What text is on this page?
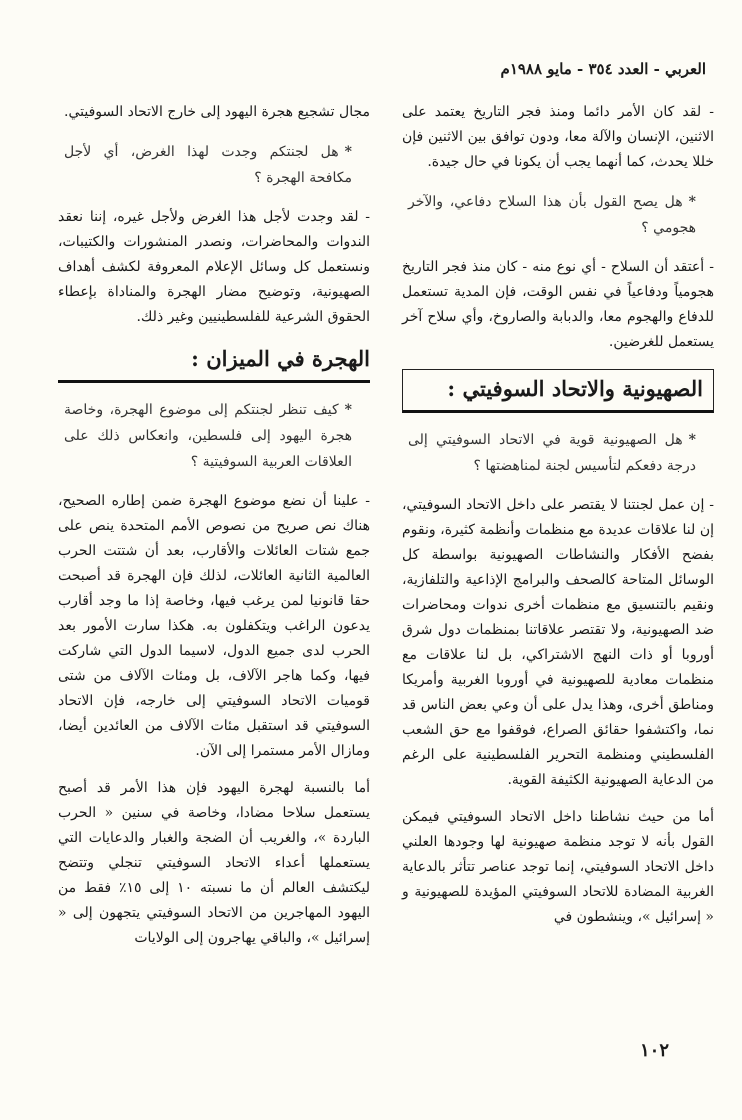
العربي - العدد ٣٥٤ - مايو ١٩٨٨م

- لقد كان الأمر دائما ومنذ فجر التاريخ يعتمد على الاثنين، الإنسان والآلة معا، ودون توافق بين الاثنين فإن خللا يحدث، كما أنهما يجب أن يكونا في حال جيدة.

*هل يصح القول بأن هذا السلاح دفاعي، والآخر هجومي ؟

- أعتقد أن السلاح - أي نوع منه - كان منذ فجر التاريخ هجومياً ودفاعياً في نفس الوقت، فإن المدية تستعمل للدفاع والهجوم معا، والدبابة والصاروخ، وأي سلاح آخر يستعمل للغرضين.

الصهيونية والاتحاد السوفيتي :
*هل الصهيونية قوية في الاتحاد السوفيتي إلى درجة دفعكم لتأسيس لجنة لمناهضتها ؟

- إن عمل لجنتنا لا يقتصر على داخل الاتحاد السوفيتي، إن لنا علاقات عديدة مع منظمات وأنظمة كثيرة، ونقوم بفضح الأفكار والنشاطات الصهيونية بواسطة كل الوسائل المتاحة كالصحف والبرامج الإذاعية والتلفازية، ونقيم بالتنسيق مع منظمات أخرى ندوات ومحاضرات ضد الصهيونية، ولا تقتصر علاقاتنا بمنظمات دول شرق أوروبا أو ذات النهج الاشتراكي، بل لنا علاقات مع منظمات معادية للصهيونية في أوروبا الغربية وأمريكا ومناطق أخرى، وهذا يدل على أن وعي بعض الناس قد نما، واكتشفوا حقائق الصراع، فوقفوا مع حق الشعب الفلسطيني ومنظمة التحرير الفلسطينية على الرغم من الدعاية الصهيونية الكثيفة القوية.

أما من حيث نشاطنا داخل الاتحاد السوفيتي فيمكن القول بأنه لا توجد منظمة صهيونية لها وجودها العلني داخل الاتحاد السوفيتي، إنما توجد عناصر تتأثر بالدعاية الغربية المضادة للاتحاد السوفيتي المؤيدة للصهيونية و « إسرائيل »، وينشطون في

مجال تشجيع هجرة اليهود إلى خارج الاتحاد السوفيتي.

*هل لجنتكم وجدت لهذا الغرض، أي لأجل مكافحة الهجرة ؟

- لقد وجدت لأجل هذا الغرض ولأجل غيره، إننا نعقد الندوات والمحاضرات، ونصدر المنشورات والكتيبات، ونستعمل كل وسائل الإعلام المعروفة لكشف أهداف الصهيونية، وتوضيح مضار الهجرة والمناداة بإعطاء الحقوق الشرعية للفلسطينيين وغير ذلك.

الهجرة في الميزان :
*كيف تنظر لجنتكم إلى موضوع الهجرة، وخاصة هجرة اليهود إلى فلسطين، وانعكاس ذلك على العلاقات العربية السوفيتية ؟

- علينا أن نضع موضوع الهجرة ضمن إطاره الصحيح، هناك نص صريح من نصوص الأمم المتحدة ينص على جمع شتات العائلات والأقارب، بعد أن شتتت الحرب العالمية الثانية العائلات، لذلك فإن الهجرة قد أصبحت حقا قانونيا لمن يرغب فيها، وخاصة إذا ما وجد أقارب يدعون الراغب ويتكفلون به. هكذا سارت الأمور بعد الحرب لدى جميع الدول، لاسيما الدول التي شاركت فيها، وكما هاجر الآلاف، بل ومئات الآلاف من شتى قوميات الاتحاد السوفيتي إلى خارجه، فإن الاتحاد السوفيتي قد استقبل مئات الآلاف من العائدين أيضا، ومازال الأمر مستمرا إلى الآن.

أما بالنسبة لهجرة اليهود فإن هذا الأمر قد أصبح يستعمل سلاحا مضادا، وخاصة في سنين « الحرب الباردة »، والغريب أن الضجة والغبار والدعايات التي يستعملها أعداء الاتحاد السوفيتي تنجلي وتتضح ليكتشف العالم أن ما نسبته ١٠ إلى ١٥٪ فقط من اليهود المهاجرين من الاتحاد السوفيتي يتجهون إلى « إسرائيل »، والباقي يهاجرون إلى الولايات

١٠٢
